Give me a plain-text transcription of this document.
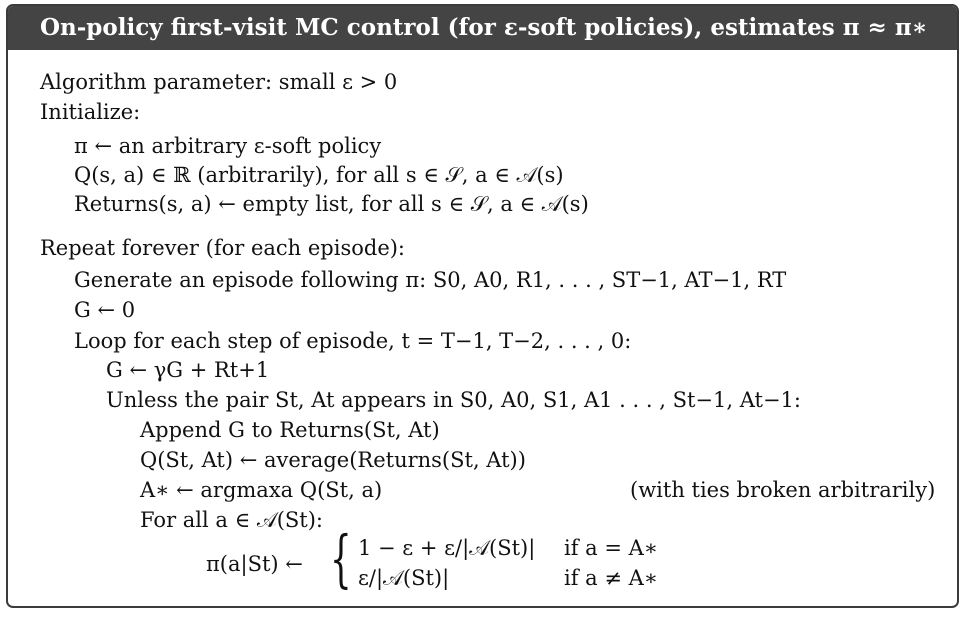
On-policy first-visit MC control (for ε-soft policies), estimates π ≈ π∗
Algorithm parameter: small ε > 0
Initialize:
π ← an arbitrary ε-soft policy
Q(s, a) ∈ ℝ (arbitrarily), for all s ∈ 𝒮, a ∈ 𝒜(s)
Returns(s, a) ← empty list, for all s ∈ 𝒮, a ∈ 𝒜(s)
Repeat forever (for each episode):
Generate an episode following π: S0, A0, R1, . . . , ST−1, AT−1, RT
G ← 0
Loop for each step of episode, t = T−1, T−2, . . . , 0:
G ← γG + Rt+1
Unless the pair St, At appears in S0, A0, S1, A1 . . . , St−1, At−1:
Append G to Returns(St, At)
Q(St, At) ← average(Returns(St, At))
A∗ ← argmaxa Q(St, a)	(with ties broken arbitrarily)
For all a ∈ 𝒜(St):
π(a|St) ← { 1 − ε + ε/|𝒜(St)| if a = A∗
ε/|𝒜(St)|	if a ≠ A∗
